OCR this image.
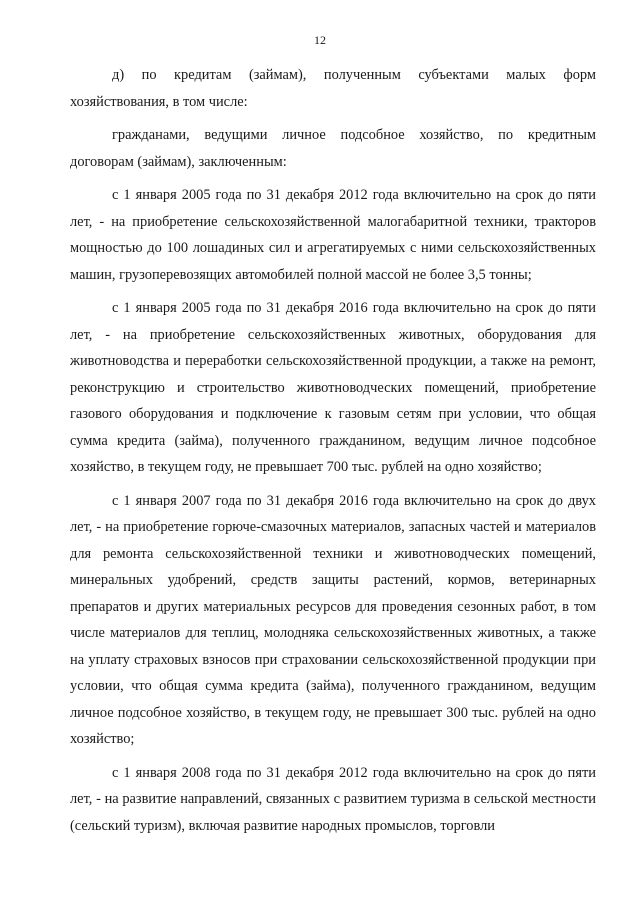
12

д) по кредитам (займам), полученным субъектами малых форм хозяйствования, в том числе:

гражданами, ведущими личное подсобное хозяйство, по кредитным договорам (займам), заключенным:

с 1 января 2005 года по 31 декабря 2012 года включительно на срок до пяти лет, - на приобретение сельскохозяйственной малогабаритной техники, тракторов мощностью до 100 лошадиных сил и агрегатируемых с ними сельскохозяйственных машин, грузоперевозящих автомобилей полной массой не более 3,5 тонны;

с 1 января 2005 года по 31 декабря 2016 года включительно на срок до пяти лет, - на приобретение сельскохозяйственных животных, оборудования для животноводства и переработки сельскохозяйственной продукции, а также на ремонт, реконструкцию и строительство животноводческих помещений, приобретение газового оборудования и подключение к газовым сетям при условии, что общая сумма кредита (займа), полученного гражданином, ведущим личное подсобное хозяйство, в текущем году, не превышает 700 тыс. рублей на одно хозяйство;

с 1 января 2007 года по 31 декабря 2016 года включительно на срок до двух лет, - на приобретение горюче-смазочных материалов, запасных частей и материалов для ремонта сельскохозяйственной техники и животноводческих помещений, минеральных удобрений, средств защиты растений, кормов, ветеринарных препаратов и других материальных ресурсов для проведения сезонных работ, в том числе материалов для теплиц, молодняка сельскохозяйственных животных, а также на уплату страховых взносов при страховании сельскохозяйственной продукции при условии, что общая сумма кредита (займа), полученного гражданином, ведущим личное подсобное хозяйство, в текущем году, не превышает 300 тыс. рублей на одно хозяйство;

с 1 января 2008 года по 31 декабря 2012 года включительно на срок до пяти лет, - на развитие направлений, связанных с развитием туризма в сельской местности (сельский туризм), включая развитие народных промыслов, торговли
